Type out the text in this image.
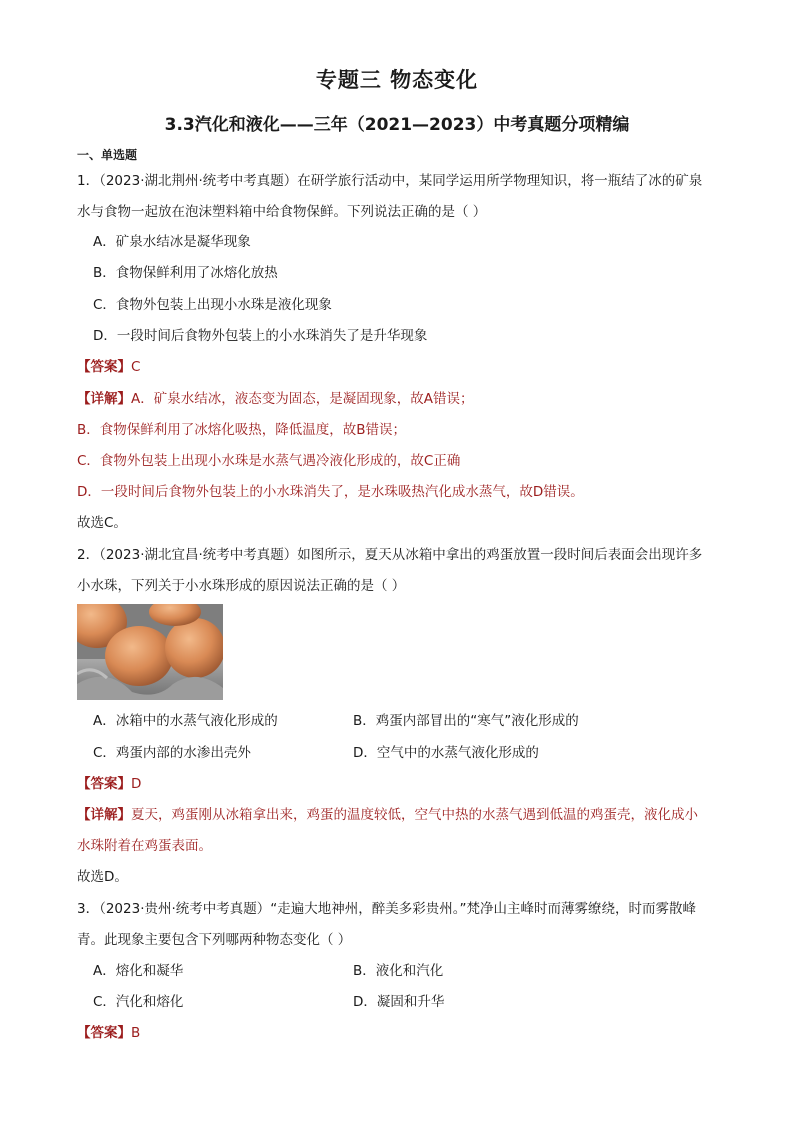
专题三 物态变化
3.3汽化和液化——三年（2021—2023）中考真题分项精编
一、单选题
1．（2023·湖北荆州·统考中考真题）在研学旅行活动中，某同学运用所学物理知识，将一瓶结了冰的矿泉
水与食物一起放在泡沫塑料箱中给食物保鲜。下列说法正确的是（ ）
A．矿泉水结冰是凝华现象
B．食物保鲜利用了冰熔化放热
C．食物外包装上出现小水珠是液化现象
D．一段时间后食物外包装上的小水珠消失了是升华现象
【答案】C
【详解】A．矿泉水结冰，液态变为固态，是凝固现象，故A错误；
B．食物保鲜利用了冰熔化吸热，降低温度，故B错误；
C．食物外包装上出现小水珠是水蒸气遇冷液化形成的，故C正确
D．一段时间后食物外包装上的小水珠消失了，是水珠吸热汽化成水蒸气，故D错误。
故选C。
2．（2023·湖北宜昌·统考中考真题）如图所示，夏天从冰箱中拿出的鸡蛋放置一段时间后表面会出现许多
小水珠，下列关于小水珠形成的原因说法正确的是（ ）
A．冰箱中的水蒸气液化形成的	B．鸡蛋内部冒出的“寒气”液化形成的
C．鸡蛋内部的水渗出壳外	D．空气中的水蒸气液化形成的
【答案】D
【详解】夏天，鸡蛋刚从冰箱拿出来，鸡蛋的温度较低，空气中热的水蒸气遇到低温的鸡蛋壳，液化成小
水珠附着在鸡蛋表面。
故选D。
3．（2023·贵州·统考中考真题）“走遍大地神州，醉美多彩贵州。”梵净山主峰时而薄雾缭绕，时而雾散峰
青。此现象主要包含下列哪两种物态变化（ ）
A．熔化和凝华	B．液化和汽化
C．汽化和熔化	D．凝固和升华
【答案】B
